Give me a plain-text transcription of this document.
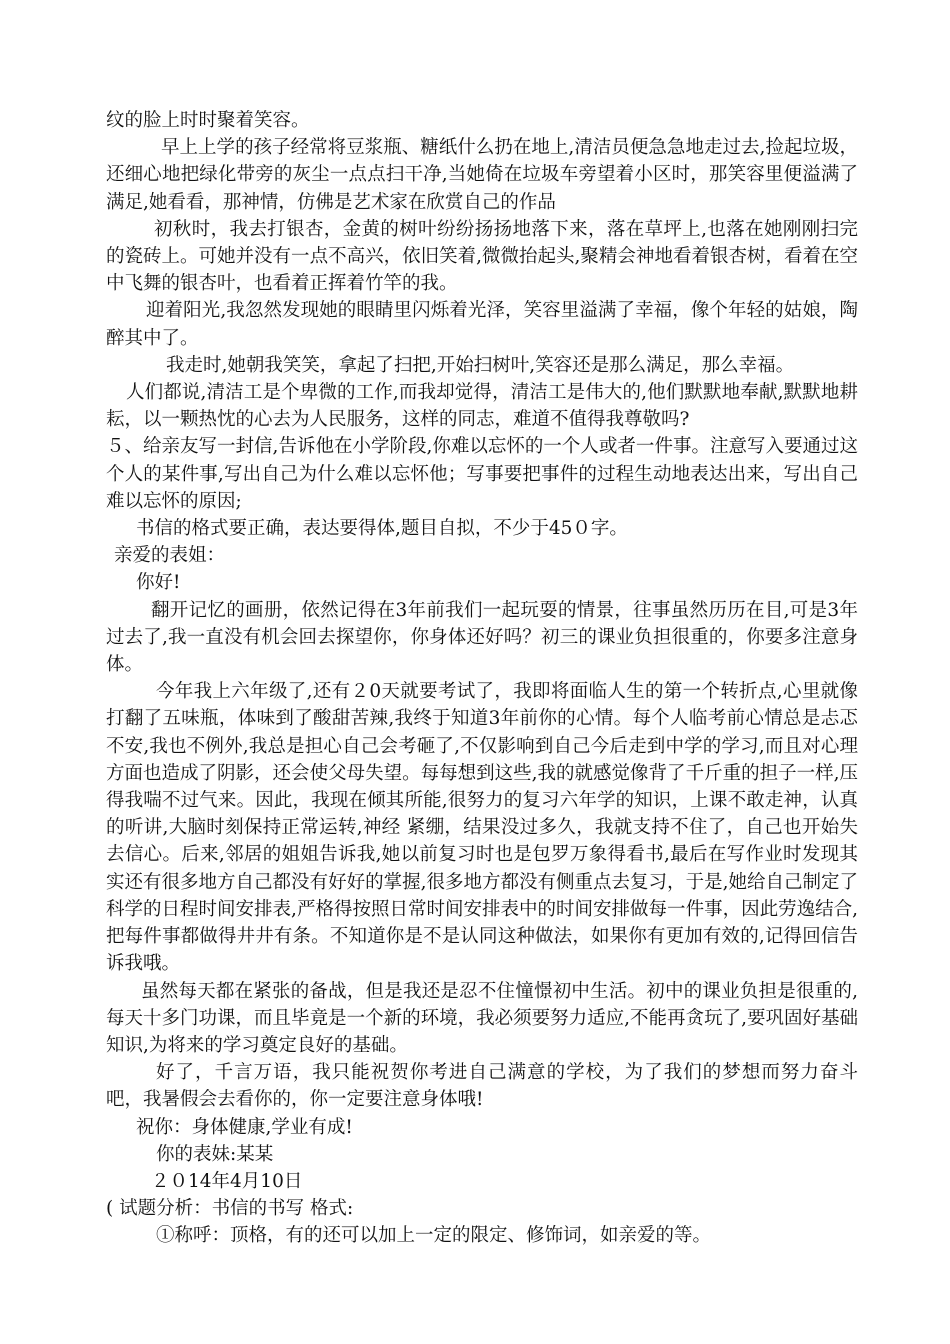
纹的脸上时时聚着笑容。

早上上学的孩子经常将豆浆瓶、糖纸什么扔在地上,清洁员便急急地走过去,捡起垃圾，还细心地把绿化带旁的灰尘一点点扫干净,当她倚在垃圾车旁望着小区时，那笑容里便溢满了满足,她看看，那神情，仿佛是艺术家在欣赏自己的作品

初秋时，我去打银杏，金黄的树叶纷纷扬扬地落下来，落在草坪上,也落在她刚刚扫完的瓷砖上。可她并没有一点不高兴，依旧笑着,微微抬起头,聚精会神地看着银杏树，看着在空中飞舞的银杏叶，也看着正挥着竹竿的我。

迎着阳光,我忽然发现她的眼睛里闪烁着光泽，笑容里溢满了幸福，像个年轻的姑娘，陶醉其中了。

我走时,她朝我笑笑，拿起了扫把,开始扫树叶,笑容还是那么满足，那么幸福。

人们都说,清洁工是个卑微的工作,而我却觉得，清洁工是伟大的,他们默默地奉献,默默地耕耘，以一颗热忱的心去为人民服务，这样的同志，难道不值得我尊敬吗?

５、给亲友写一封信,告诉他在小学阶段,你难以忘怀的一个人或者一件事。注意写入要通过这个人的某件事,写出自己为什么难以忘怀他；写事要把事件的过程生动地表达出来，写出自己难以忘怀的原因;

书信的格式要正确，表达要得体,题目自拟，不少于45０字。

亲爱的表姐：

你好!

翻开记忆的画册，依然记得在3年前我们一起玩耍的情景，往事虽然历历在目,可是3年过去了,我一直没有机会回去探望你，你身体还好吗？初三的课业负担很重的，你要多注意身体。

今年我上六年级了,还有２0天就要考试了，我即将面临人生的第一个转折点,心里就像打翻了五味瓶，体味到了酸甜苦辣,我终于知道3年前你的心情。每个人临考前心情总是忐忑不安,我也不例外,我总是担心自己会考砸了,不仅影响到自己今后走到中学的学习,而且对心理方面也造成了阴影，还会使父母失望。每每想到这些,我的就感觉像背了千斤重的担子一样,压得我喘不过气来。因此，我现在倾其所能,很努力的复习六年学的知识，上课不敢走神，认真的听讲,大脑时刻保持正常运转,神经 紧绷，结果没过多久，我就支持不住了，自己也开始失去信心。后来,邻居的姐姐告诉我,她以前复习时也是包罗万象得看书,最后在写作业时发现其实还有很多地方自己都没有好好的掌握,很多地方都没有侧重点去复习，于是,她给自己制定了科学的日程时间安排表,严格得按照日常时间安排表中的时间安排做每一件事，因此劳逸结合,把每件事都做得井井有条。不知道你是不是认同这种做法，如果你有更加有效的,记得回信告诉我哦。

虽然每天都在紧张的备战，但是我还是忍不住憧憬初中生活。初中的课业负担是很重的,每天十多门功课，而且毕竟是一个新的环境，我必须要努力适应,不能再贪玩了,要巩固好基础知识,为将来的学习奠定良好的基础。

好了，千言万语，我只能祝贺你考进自己满意的学校，为了我们的梦想而努力奋斗吧，我暑假会去看你的，你一定要注意身体哦!

祝你：身体健康,学业有成!

你的表妹:某某

２０14年4月10日

( 试题分析：书信的书写 格式:

①称呼：顶格，有的还可以加上一定的限定、修饰词，如亲爱的等。
